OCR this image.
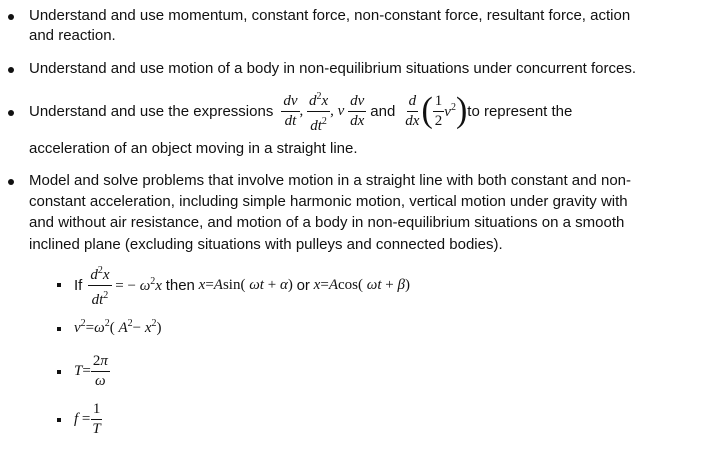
Understand and use momentum, constant force, non-constant force, resultant force, action
and reaction.
Understand and use motion of a body in non-equilibrium situations under concurrent forces.
Understand and use the expressions $\frac{dv}{dt}$ , $\frac{d^2x}{dt^2}$ , v $\frac{dv}{dx}$ and $\frac{d}{dx}$ ( $\frac{1}{2} v^2$ ) to represent the
acceleration of an object moving in a straight line.
Model and solve problems that involve motion in a straight line with both constant and non-
constant acceleration, including simple harmonic motion, vertical motion under gravity with
and without air resistance, and motion of a body in non-equilibrium situations on a smooth
inclined plane (excluding situations with pulleys and connected bodies).
If $\frac{d^2x}{dt^2}$ = − $\omega^2x$ then x=Asin( ωt + α) or x=Acos( ωt + β)
$v^2=\omega^2$( $A^2- x^2$)
$T= \frac{2\pi}{\omega}$
$f = \frac{1}{T}$
